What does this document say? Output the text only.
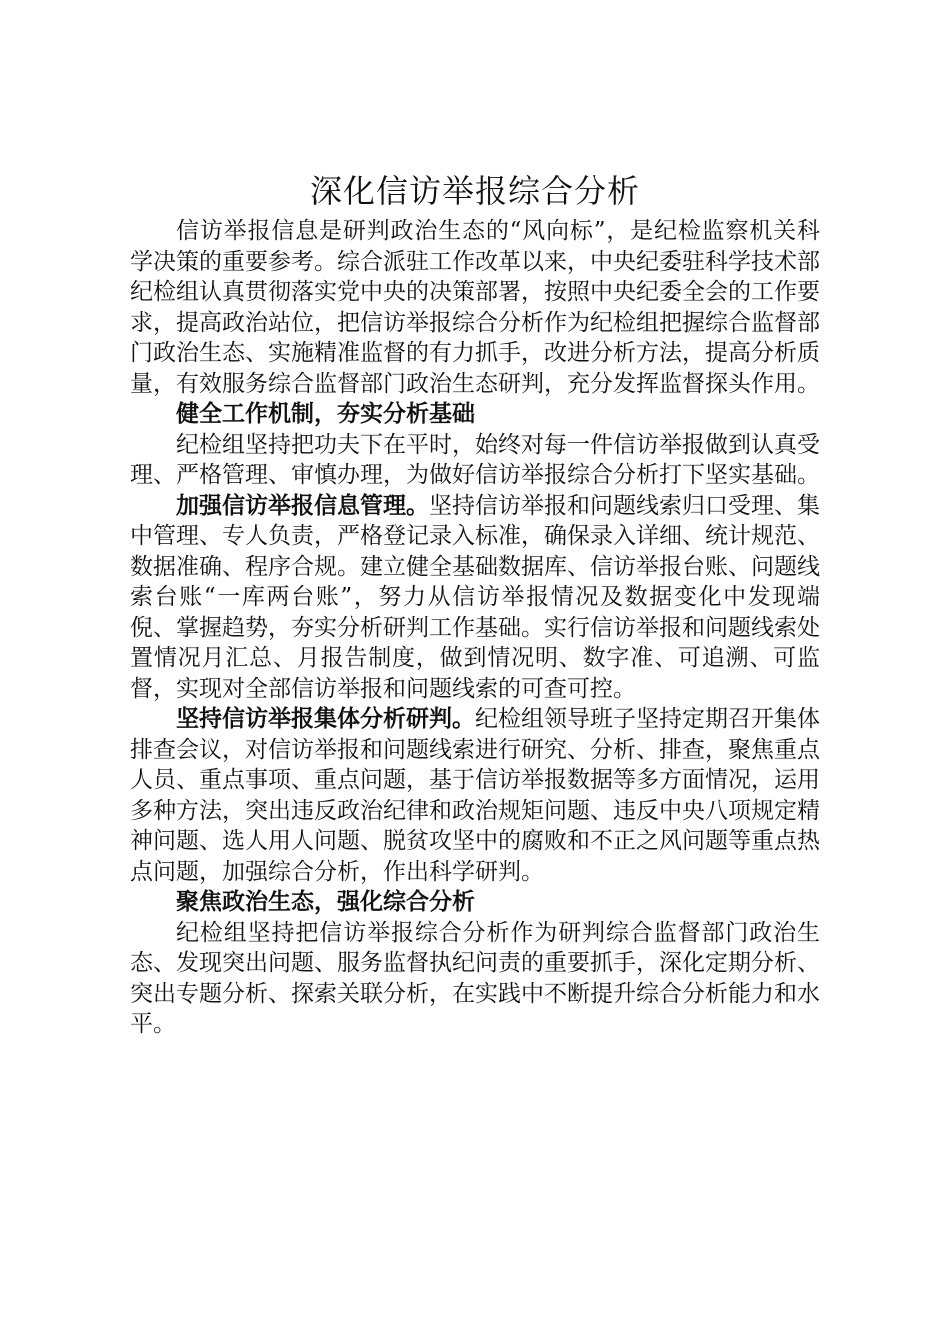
深化信访举报综合分析

信访举报信息是研判政治生态的“风向标”，是纪检监察机关科学决策的重要参考。综合派驻工作改革以来，中央纪委驻科学技术部纪检组认真贯彻落实党中央的决策部署，按照中央纪委全会的工作要求，提高政治站位，把信访举报综合分析作为纪检组把握综合监督部门政治生态、实施精准监督的有力抓手，改进分析方法，提高分析质量，有效服务综合监督部门政治生态研判，充分发挥监督探头作用。

健全工作机制，夯实分析基础

纪检组坚持把功夫下在平时，始终对每一件信访举报做到认真受理、严格管理、审慎办理，为做好信访举报综合分析打下坚实基础。

加强信访举报信息管理。坚持信访举报和问题线索归口受理、集中管理、专人负责，严格登记录入标准，确保录入详细、统计规范、数据准确、程序合规。建立健全基础数据库、信访举报台账、问题线索台账“一库两台账”，努力从信访举报情况及数据变化中发现端倪、掌握趋势，夯实分析研判工作基础。实行信访举报和问题线索处置情况月汇总、月报告制度，做到情况明、数字准、可追溯、可监督，实现对全部信访举报和问题线索的可查可控。

坚持信访举报集体分析研判。纪检组领导班子坚持定期召开集体排查会议，对信访举报和问题线索进行研究、分析、排查，聚焦重点人员、重点事项、重点问题，基于信访举报数据等多方面情况，运用多种方法，突出违反政治纪律和政治规矩问题、违反中央八项规定精神问题、选人用人问题、脱贫攻坚中的腐败和不正之风问题等重点热点问题，加强综合分析，作出科学研判。

聚焦政治生态，强化综合分析

纪检组坚持把信访举报综合分析作为研判综合监督部门政治生态、发现突出问题、服务监督执纪问责的重要抓手，深化定期分析、突出专题分析、探索关联分析，在实践中不断提升综合分析能力和水平。
